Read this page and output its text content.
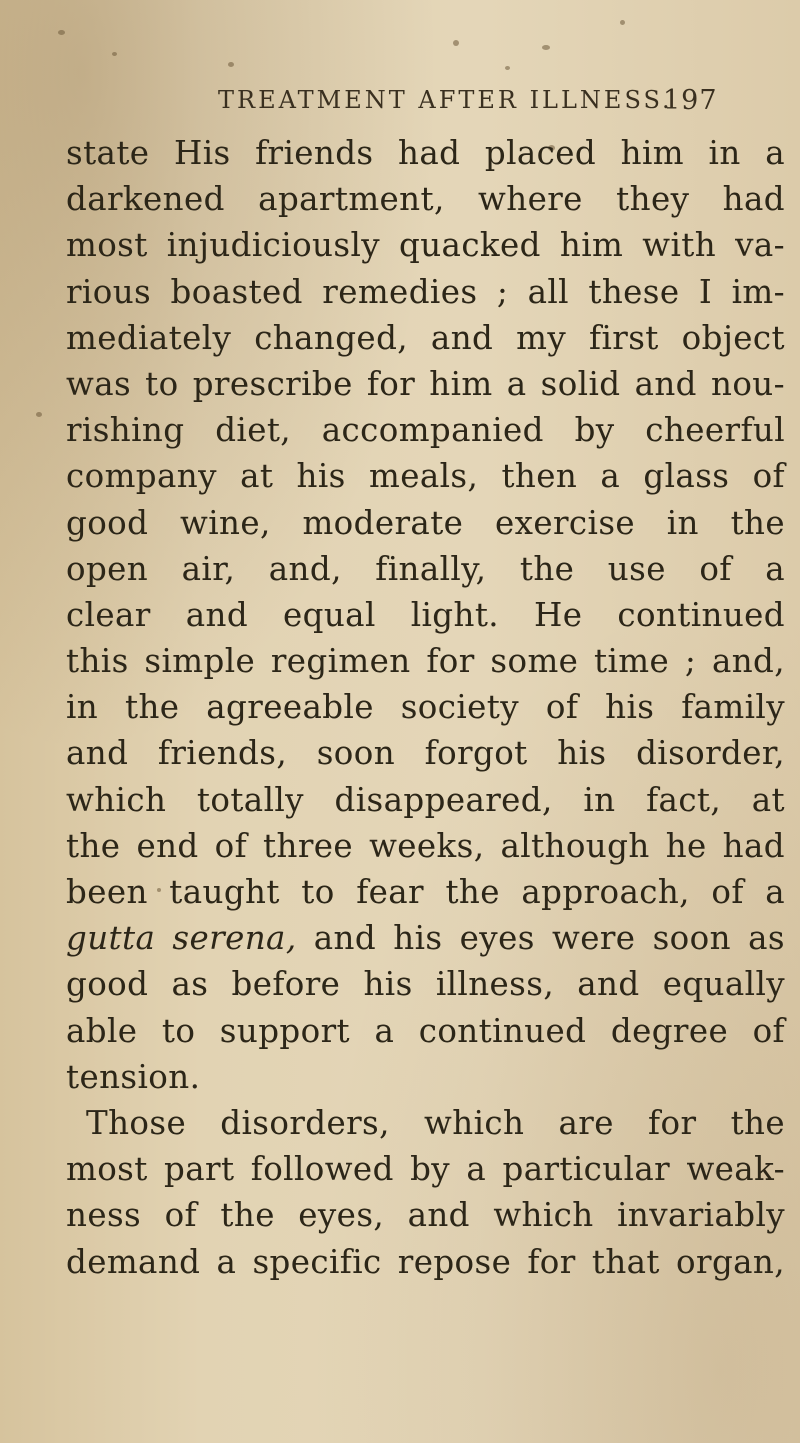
TREATMENT AFTER ILLNESS.
197
state His friends had placed him in a
darkened apartment, where they had
most injudiciously quacked him with va-
rious boasted remedies ; all these I im-
mediately changed, and my first object
was to prescribe for him a solid and nou-
rishing diet, accompanied by cheerful
company at his meals, then a glass of
good wine, moderate exercise in the
open air, and, finally, the use of a
clear and equal light. He continued
this simple regimen for some time ; and,
in the agreeable society of his family
and friends, soon forgot his disorder,
which totally disappeared, in fact, at
the end of three weeks, although he had
been taught to fear the approach, of a
gutta serena, and his eyes were soon as
good as before his illness, and equally
able to support a continued degree of
tension.
Those disorders, which are for the
most part followed by a particular weak-
ness of the eyes, and which invariably
demand a specific repose for that organ,
